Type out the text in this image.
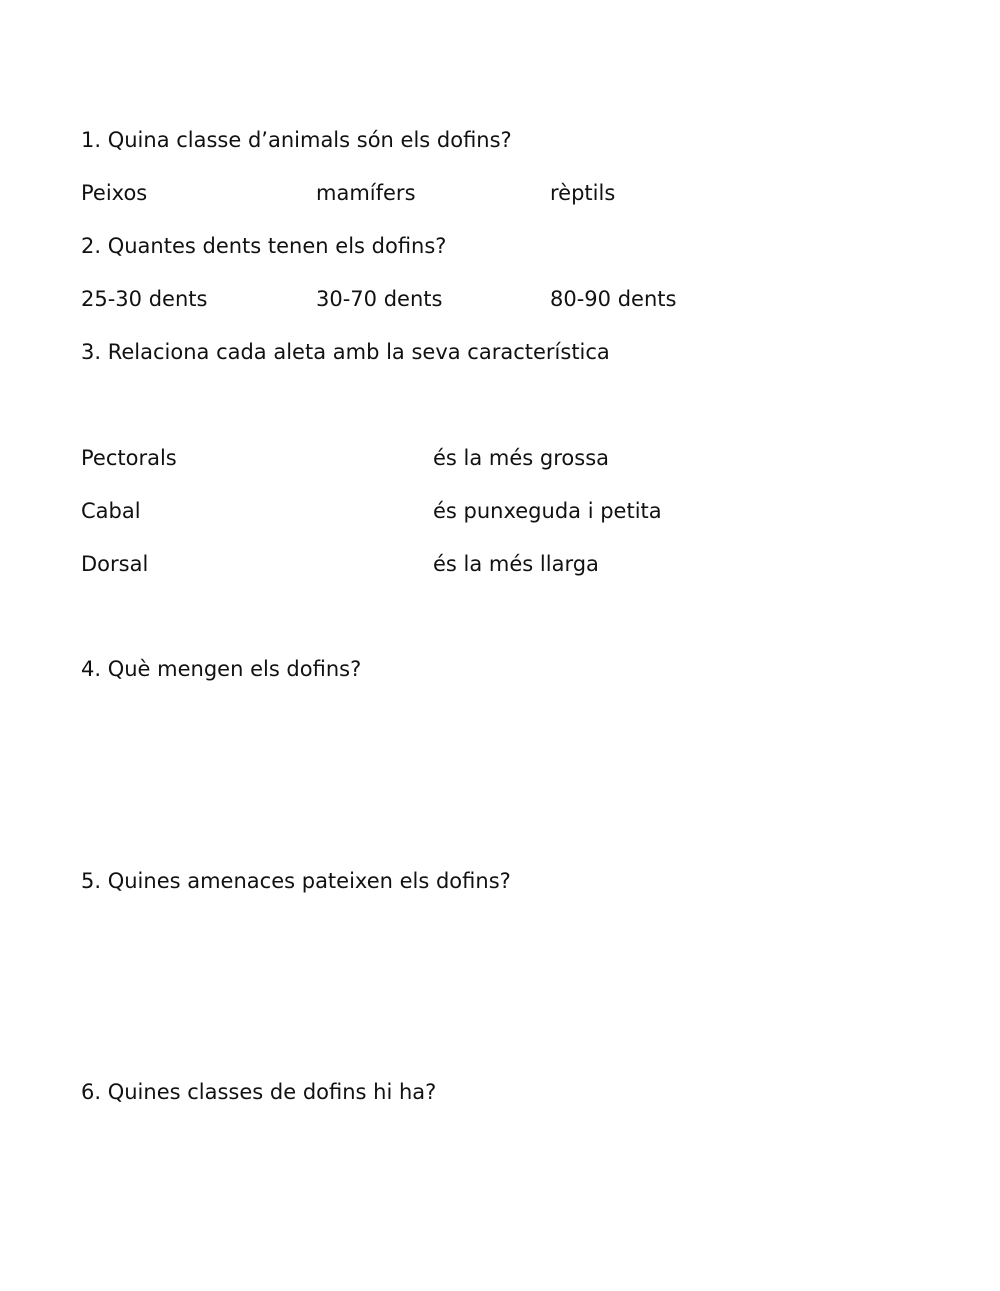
1. Quina classe d’animals són els dofins?
Peixos	mamífers	rèptils
2. Quantes dents tenen els dofins?
25-30 dents	30-70 dents	80-90 dents
3. Relaciona cada aleta amb la seva característica
Pectorals	és la més grossa
Cabal	és punxeguda i petita
Dorsal	és la més llarga
4. Què mengen els dofins?
5. Quines amenaces pateixen els dofins?
6. Quines classes de dofins hi ha?
